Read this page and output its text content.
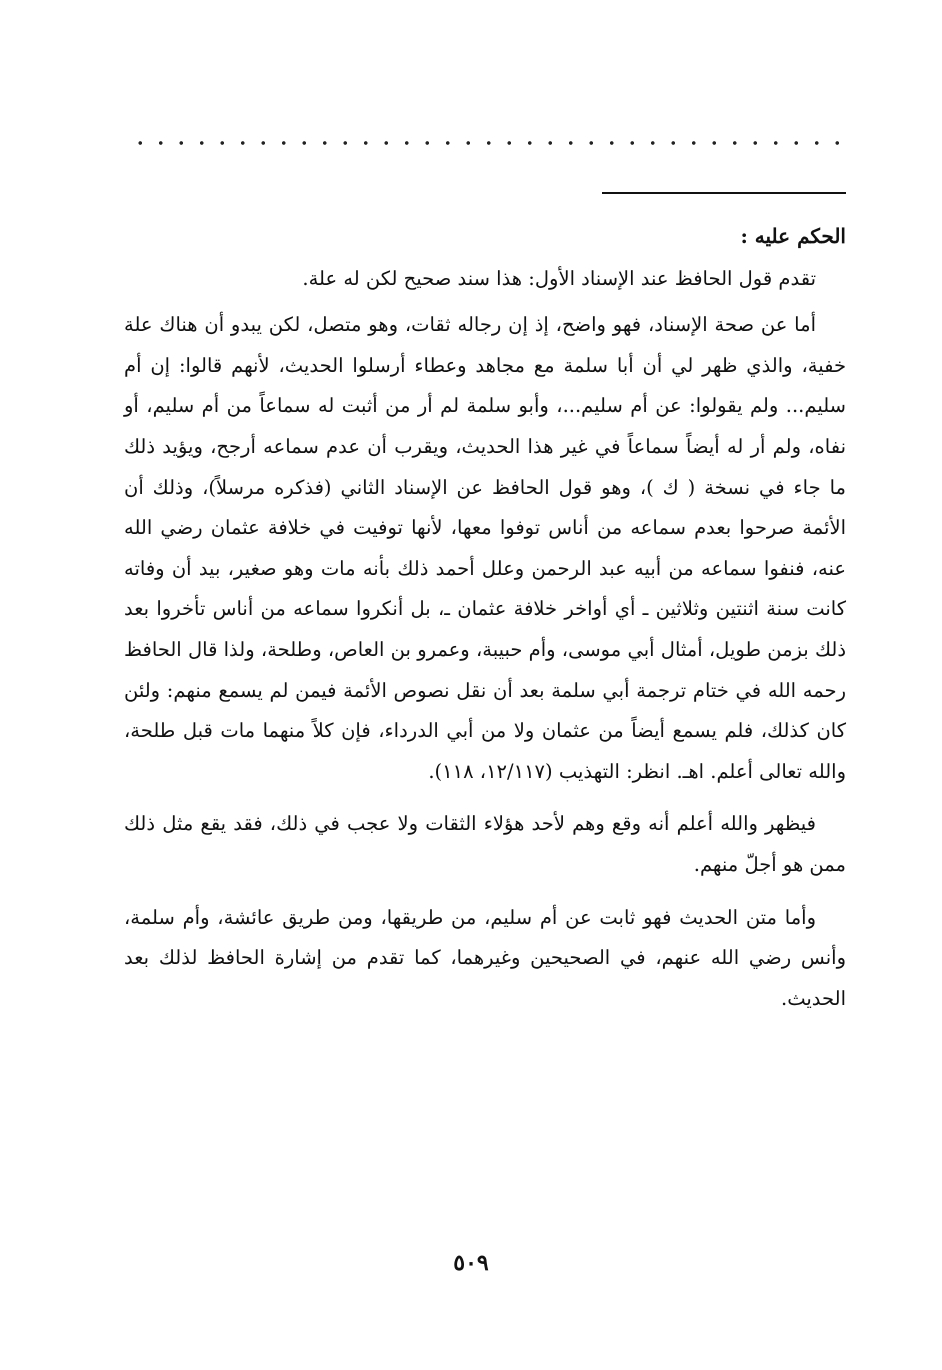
الحكم عليه :

تقدم قول الحافظ عند الإسناد الأول: هذا سند صحيح لكن له علة.

أما عن صحة الإسناد، فهو واضح، إذ إن رجاله ثقات، وهو متصل، لكن يبدو أن هناك علة خفية، والذي ظهر لي أن أبا سلمة مع مجاهد وعطاء أرسلوا الحديث، لأنهم قالوا: إن أم سليم... ولم يقولوا: عن أم سليم...، وأبو سلمة لم أر من أثبت له سماعاً من أم سليم، أو نفاه، ولم أر له أيضاً سماعاً في غير هذا الحديث، ويقرب أن عدم سماعه أرجح، ويؤيد ذلك ما جاء في نسخة ( ك )، وهو قول الحافظ عن الإسناد الثاني (فذكره مرسلاً)، وذلك أن الأئمة صرحوا بعدم سماعه من أناس توفوا معها، لأنها توفيت في خلافة عثمان رضي الله عنه، فنفوا سماعه من أبيه عبد الرحمن وعلل أحمد ذلك بأنه مات وهو صغير، بيد أن وفاته كانت سنة اثنتين وثلاثين ـ أي أواخر خلافة عثمان ـ، بل أنكروا سماعه من أناس تأخروا بعد ذلك بزمن طويل، أمثال أبي موسى، وأم حبيبة، وعمرو بن العاص، وطلحة، ولذا قال الحافظ رحمه الله في ختام ترجمة أبي سلمة بعد أن نقل نصوص الأئمة فيمن لم يسمع منهم: ولئن كان كذلك، فلم يسمع أيضاً من عثمان ولا من أبي الدرداء، فإن كلاً منهما مات قبل طلحة، والله تعالى أعلم. اهـ. انظر: التهذيب (١٢/١١٧، ١١٨).

فيظهر والله أعلم أنه وقع وهم لأحد هؤلاء الثقات ولا عجب في ذلك، فقد يقع مثل ذلك ممن هو أجلّ منهم.

وأما متن الحديث فهو ثابت عن أم سليم، من طريقها، ومن طريق عائشة، وأم سلمة، وأنس رضي الله عنهم، في الصحيحين وغيرهما، كما تقدم من إشارة الحافظ لذلك بعد الحديث.

٥٠٩
